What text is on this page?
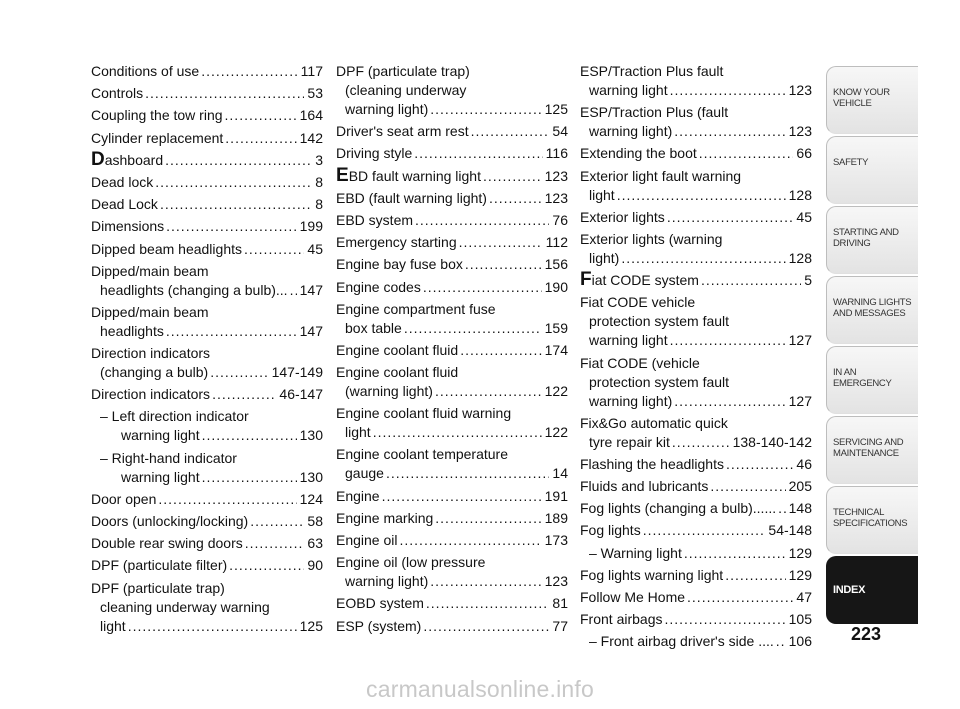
Conditions of use .....	117
Controls .....	53
Coupling the tow ring .....	164
Cylinder replacement .....	142
Dashboard .....	3
Dead lock .....	8
Dead Lock .....	8
Dimensions .....	199
Dipped beam headlights .....	45
Dipped/main beam
headlights (changing a bulb)... ..... 147
Dipped/main beam
headlights .....	147
Direction indicators
(changing a bulb) .....	147-149
Direction indicators .....	46-147
– Left direction indicator
warning light .....	130
– Right-hand indicator
warning light .....	130
Door open .....	124
Doors (unlocking/locking) .....	58
Double rear swing doors .....	63
DPF (particulate filter) .....	90
DPF (particulate trap)
cleaning underway warning
light .....	125
DPF (particulate trap)
(cleaning underway
warning light) .....	125
Driver's seat arm rest .....	54
Driving style .....	116
EBD fault warning light .....	123
EBD (fault warning light) .....	123
EBD system .....	76
Emergency starting .....	112
Engine bay fuse box .....	156
Engine codes .....	190
Engine compartment fuse
box table .....	159
Engine coolant fluid .....	174
Engine coolant fluid
(warning light) .....	122
Engine coolant fluid warning
light .....	122
Engine coolant temperature
gauge .....	14
Engine .....	191
Engine marking .....	189
Engine oil .....	173
Engine oil (low pressure
warning light) .....	123
EOBD system .....	81
ESP (system) .....	77
ESP/Traction Plus fault
warning light .....	123
ESP/Traction Plus (fault
warning light) .....	123
Extending the boot .....	66
Exterior light fault warning
light .....	128
Exterior lights .....	45
Exterior lights (warning
light) .....	128
Fiat CODE system .....	5
Fiat CODE vehicle
protection system fault
warning light .....	127
Fiat CODE (vehicle
protection system fault
warning light) .....	127
Fix&Go automatic quick
tyre repair kit .....	138-140-142
Flashing the headlights .....	46
Fluids and lubricants .....	205
Fog lights (changing a bulb)...... ..... 148
Fog lights .....	54-148
– Warning light .....	129
Fog lights warning light .....	129
Follow Me Home .....	47
Front airbags .....	105
– Front airbag driver's side .... ..... 106
KNOW YOUR VEHICLE
SAFETY
STARTING AND DRIVING
WARNING LIGHTS AND MESSAGES
IN AN EMERGENCY
SERVICING AND MAINTENANCE
TECHNICAL SPECIFICATIONS
INDEX
223
carmanualsonline.info
